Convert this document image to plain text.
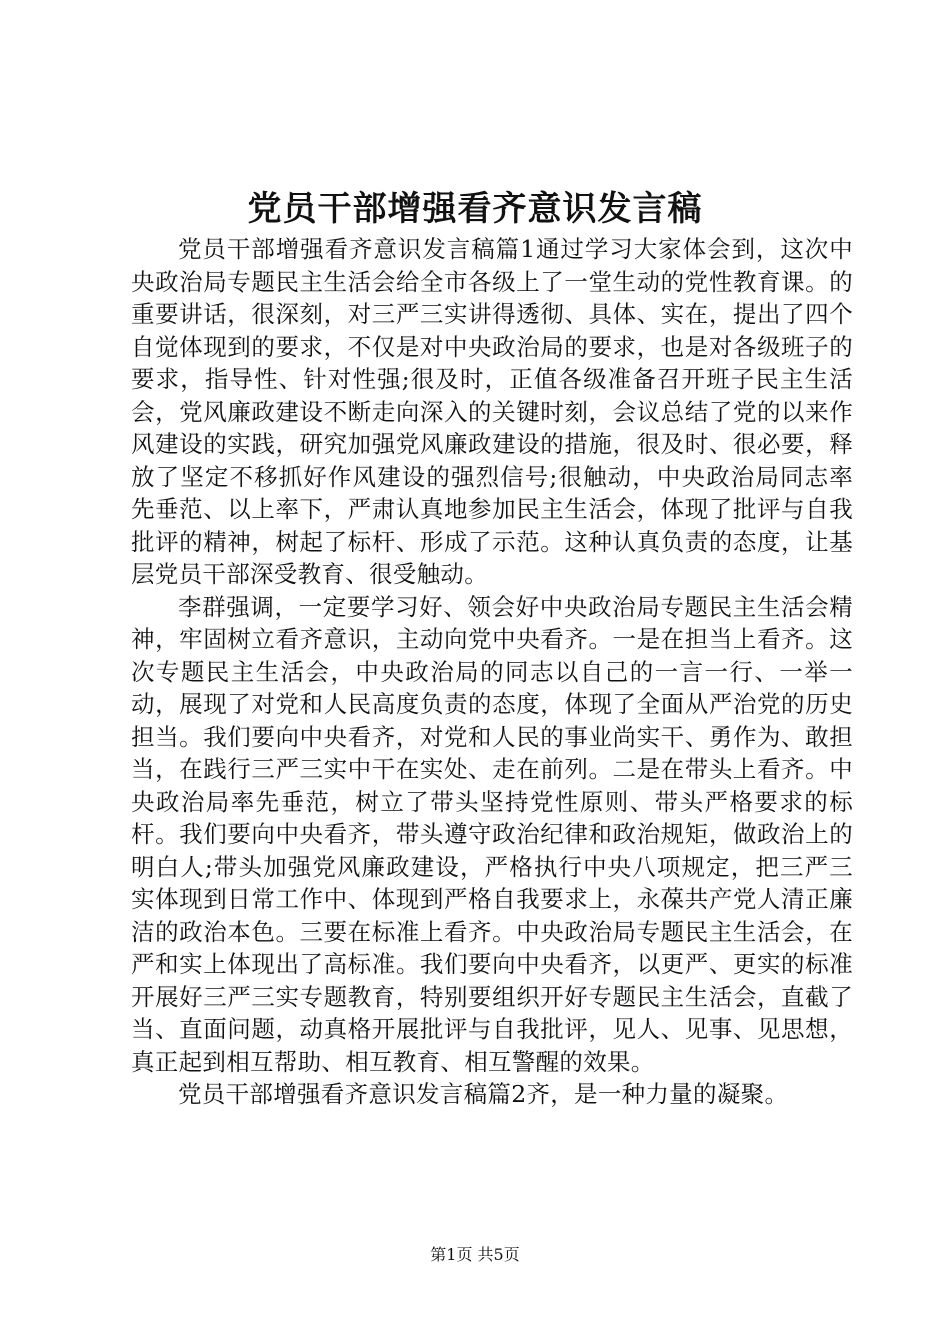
党员干部增强看齐意识发言稿

党员干部增强看齐意识发言稿篇1通过学习大家体会到，这次中央政治局专题民主生活会给全市各级上了一堂生动的党性教育课。的重要讲话，很深刻，对三严三实讲得透彻、具体、实在，提出了四个自觉体现到的要求，不仅是对中央政治局的要求，也是对各级班子的要求，指导性、针对性强;很及时，正值各级准备召开班子民主生活会，党风廉政建设不断走向深入的关键时刻，会议总结了党的以来作风建设的实践，研究加强党风廉政建设的措施，很及时、很必要，释放了坚定不移抓好作风建设的强烈信号;很触动，中央政治局同志率先垂范、以上率下，严肃认真地参加民主生活会，体现了批评与自我批评的精神，树起了标杆、形成了示范。这种认真负责的态度，让基层党员干部深受教育、很受触动。

李群强调，一定要学习好、领会好中央政治局专题民主生活会精神，牢固树立看齐意识，主动向党中央看齐。一是在担当上看齐。这次专题民主生活会，中央政治局的同志以自己的一言一行、一举一动，展现了对党和人民高度负责的态度，体现了全面从严治党的历史担当。我们要向中央看齐，对党和人民的事业尚实干、勇作为、敢担当，在践行三严三实中干在实处、走在前列。二是在带头上看齐。中央政治局率先垂范，树立了带头坚持党性原则、带头严格要求的标杆。我们要向中央看齐，带头遵守政治纪律和政治规矩，做政治上的明白人;带头加强党风廉政建设，严格执行中央八项规定，把三严三实体现到日常工作中、体现到严格自我要求上，永葆共产党人清正廉洁的政治本色。三要在标准上看齐。中央政治局专题民主生活会，在严和实上体现出了高标准。我们要向中央看齐，以更严、更实的标准开展好三严三实专题教育，特别要组织开好专题民主生活会，直截了当、直面问题，动真格开展批评与自我批评，见人、见事、见思想，真正起到相互帮助、相互教育、相互警醒的效果。

党员干部增强看齐意识发言稿篇2齐，是一种力量的凝聚。

第1页 共5页
